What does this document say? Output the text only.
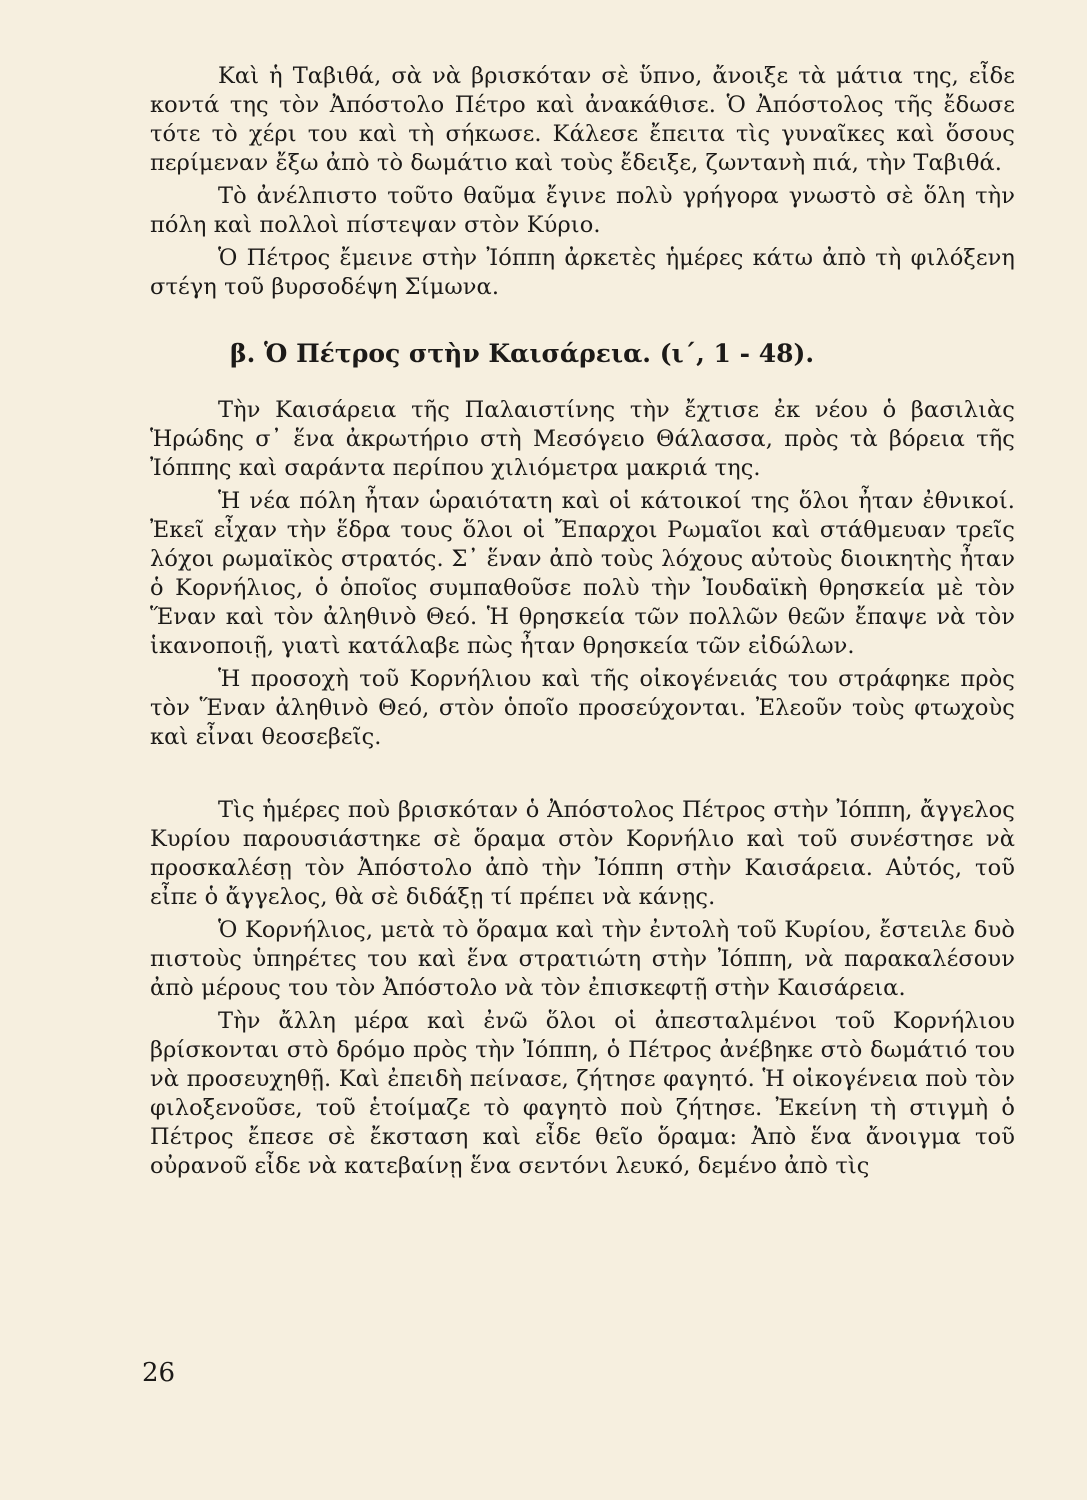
Καὶ ἡ Ταβιθά, σὰ νὰ βρισκόταν σὲ ὕπνο, ἄνοιξε τὰ μάτια της, εἶδε κοντά της τὸν Ἀπόστολο Πέτρο καὶ ἀνακάθισε. Ὁ Ἀπόστολος τῆς ἔδωσε τότε τὸ χέρι του καὶ τὴ σήκωσε. Κάλεσε ἔπειτα τὶς γυναῖκες καὶ ὅσους περίμεναν ἔξω ἀπὸ τὸ δωμάτιο καὶ τοὺς ἔδειξε, ζωντανὴ πιά, τὴν Ταβιθά.

Τὸ ἀνέλπιστο τοῦτο θαῦμα ἔγινε πολὺ γρήγορα γνωστὸ σὲ ὅλη τὴν πόλη καὶ πολλοὶ πίστεψαν στὸν Κύριο.

Ὁ Πέτρος ἔμεινε στὴν Ἰόππη ἀρκετὲς ἡμέρες κάτω ἀπὸ τὴ φιλόξενη στέγη τοῦ βυρσοδέψη Σίμωνα.

β. Ὁ Πέτρος στὴν Καισάρεια. (ι΄, 1 - 48).

Τὴν Καισάρεια τῆς Παλαιστίνης τὴν ἔχτισε ἐκ νέου ὁ βασιλιὰς Ἡρώδης σ᾿ ἕνα ἀκρωτήριο στὴ Μεσόγειο Θάλασσα, πρὸς τὰ βόρεια τῆς Ἰόππης καὶ σαράντα περίπου χιλιόμετρα μακριά της.

Ἡ νέα πόλη ἦταν ὡραιότατη καὶ οἱ κάτοικοί της ὅλοι ἦταν ἐθνικοί. Ἐκεῖ εἶχαν τὴν ἕδρα τους ὅλοι οἱ Ἔπαρχοι Ρωμαῖοι καὶ στάθμευαν τρεῖς λόχοι ρωμαϊκὸς στρατός. Σ᾿ ἕναν ἀπὸ τοὺς λόχους αὐτοὺς διοικητὴς ἦταν ὁ Κορνήλιος, ὁ ὁποῖος συμπαθοῦσε πολὺ τὴν Ἰουδαϊκὴ θρησκεία μὲ τὸν Ἕναν καὶ τὸν ἀληθινὸ Θεό. Ἡ θρησκεία τῶν πολλῶν θεῶν ἔπαψε νὰ τὸν ἱκανοποιῇ, γιατὶ κατάλαβε πὼς ἦταν θρησκεία τῶν εἰδώλων.

Ἡ προσοχὴ τοῦ Κορνήλιου καὶ τῆς οἰκογένειάς του στράφηκε πρὸς τὸν Ἕναν ἀληθινὸ Θεό, στὸν ὁποῖο προσεύχονται. Ἐλεοῦν τοὺς φτωχοὺς καὶ εἶναι θεοσεβεῖς.

Τὶς ἡμέρες ποὺ βρισκόταν ὁ Ἀπόστολος Πέτρος στὴν Ἰόππη, ἄγγελος Κυρίου παρουσιάστηκε σὲ ὅραμα στὸν Κορνήλιο καὶ τοῦ συνέστησε νὰ προσκαλέσῃ τὸν Ἀπόστολο ἀπὸ τὴν Ἰόππη στὴν Καισάρεια. Αὐτός, τοῦ εἶπε ὁ ἄγγελος, θὰ σὲ διδάξῃ τί πρέπει νὰ κάνῃς.

Ὁ Κορνήλιος, μετὰ τὸ ὅραμα καὶ τὴν ἐντολὴ τοῦ Κυρίου, ἔστειλε δυὸ πιστοὺς ὑπηρέτες του καὶ ἕνα στρατιώτη στὴν Ἰόππη, νὰ παρακαλέσουν ἀπὸ μέρους του τὸν Ἀπόστολο νὰ τὸν ἐπισκεφτῇ στὴν Καισάρεια.

Τὴν ἄλλη μέρα καὶ ἐνῶ ὅλοι οἱ ἀπεσταλμένοι τοῦ Κορνήλιου βρίσκονται στὸ δρόμο πρὸς τὴν Ἰόππη, ὁ Πέτρος ἀνέβηκε στὸ δωμάτιό του νὰ προσευχηθῇ. Καὶ ἐπειδὴ πείνασε, ζήτησε φαγητό. Ἡ οἰκογένεια ποὺ τὸν φιλοξενοῦσε, τοῦ ἑτοίμαζε τὸ φαγητὸ ποὺ ζήτησε. Ἐκείνη τὴ στιγμὴ ὁ Πέτρος ἔπεσε σὲ ἔκσταση καὶ εἶδε θεῖο ὅραμα: Ἀπὸ ἕνα ἄνοιγμα τοῦ οὐρανοῦ εἶδε νὰ κατεβαίνῃ ἕνα σεντόνι λευκό, δεμένο ἀπὸ τὶς

26
